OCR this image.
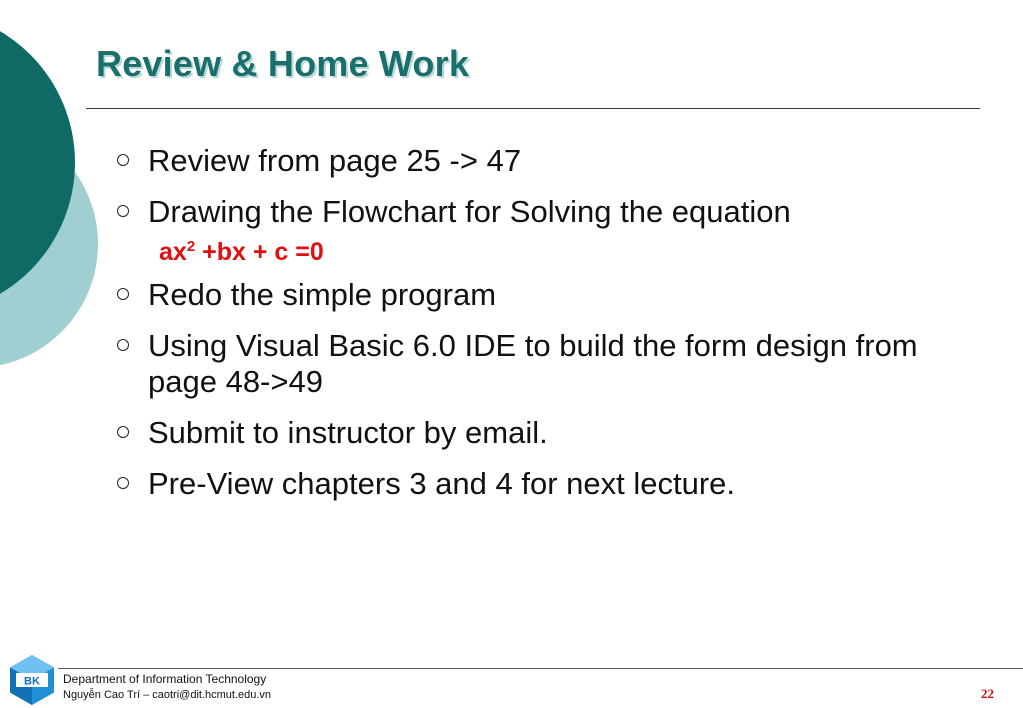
Review & Home Work
Review from page 25 -> 47
Drawing the Flowchart for Solving the equation
$ax^2 +bx + c =0$
Redo the simple program
Using Visual Basic 6.0 IDE to build the form design from page 48->49
Submit to instructor by email.
Pre-View chapters 3 and 4 for next lecture.
BK Department of Information Technology
Nguyễn Cao Trí – caotri@dit.hcmut.edu.vn	22
